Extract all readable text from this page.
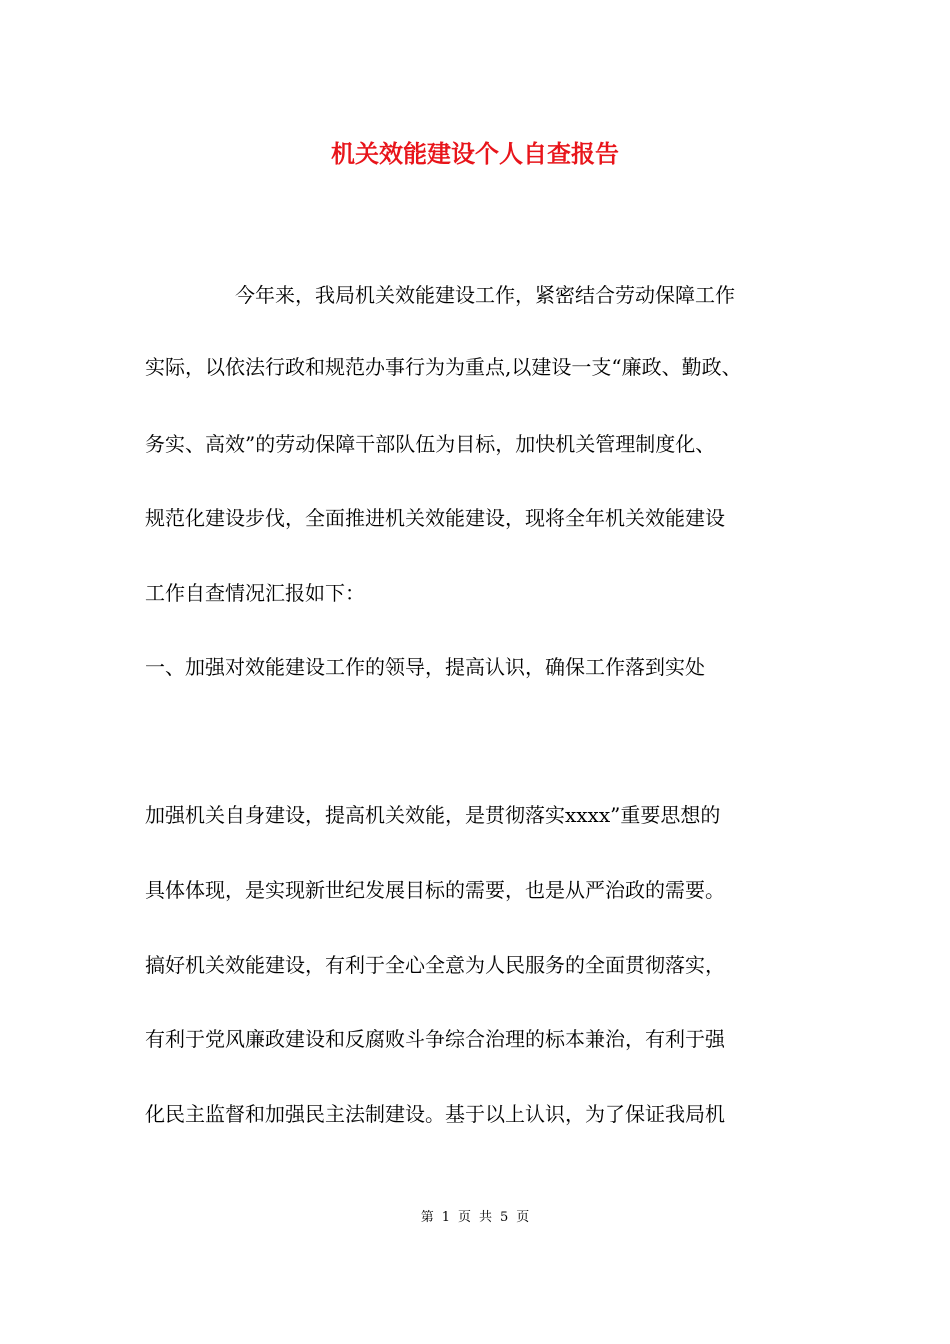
机关效能建设个人自查报告

今年来，我局机关效能建设工作，紧密结合劳动保障工作

实际，以依法行政和规范办事行为为重点,以建设一支“廉政、勤政、

务实、高效”的劳动保障干部队伍为目标，加快机关管理制度化、

规范化建设步伐，全面推进机关效能建设，现将全年机关效能建设

工作自查情况汇报如下：

一、加强对效能建设工作的领导，提高认识，确保工作落到实处

加强机关自身建设，提高机关效能，是贯彻落实xxxx”重要思想的

具体体现，是实现新世纪发展目标的需要，也是从严治政的需要。

搞好机关效能建设，有利于全心全意为人民服务的全面贯彻落实，

有利于党风廉政建设和反腐败斗争综合治理的标本兼治，有利于强

化民主监督和加强民主法制建设。基于以上认识，为了保证我局机

第 1 页 共 5 页
